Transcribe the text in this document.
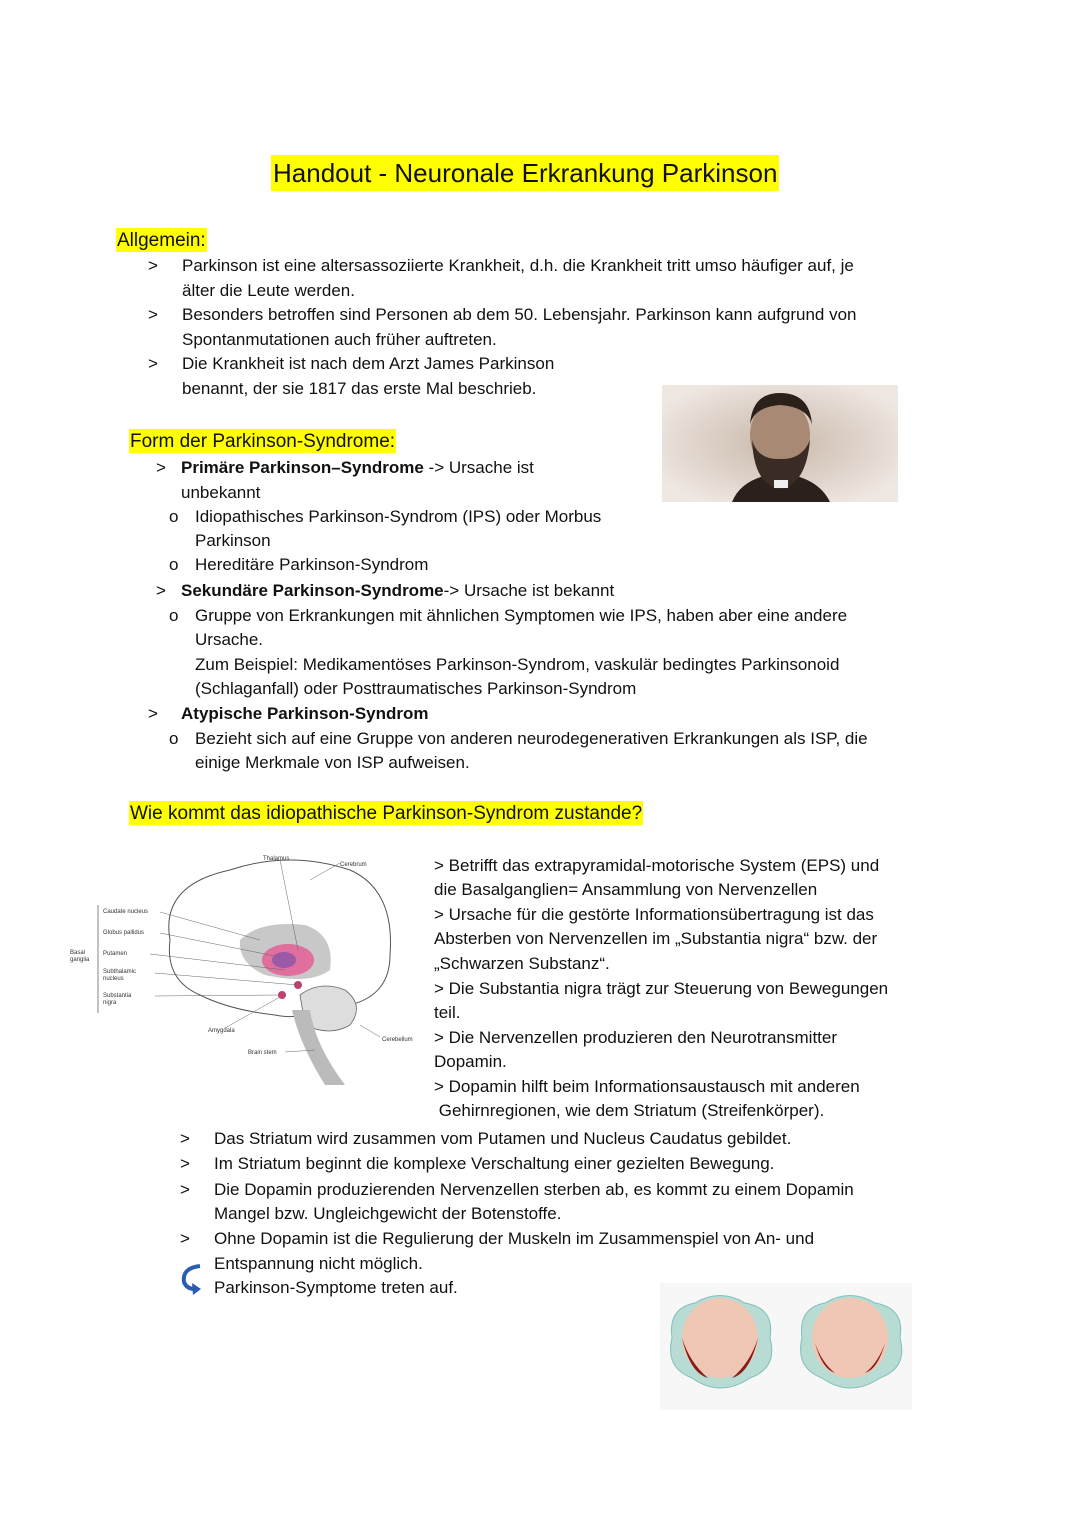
Handout - Neuronale Erkrankung Parkinson
Allgemein:
> Parkinson ist eine altersassoziierte Krankheit, d.h. die Krankheit tritt umso häufiger auf, je
älter die Leute werden.
> Besonders betroffen sind Personen ab dem 50. Lebensjahr. Parkinson kann aufgrund von
Spontanmutationen auch früher auftreten.
> Die Krankheit ist nach dem Arzt James Parkinson
benannt, der sie 1817 das erste Mal beschrieb.
Form der Parkinson-Syndrome:
> Primäre Parkinson–Syndrome -> Ursache ist
unbekannt
o Idiopathisches Parkinson-Syndrom (IPS) oder Morbus
Parkinson
o Hereditäre Parkinson-Syndrom
> Sekundäre Parkinson-Syndrome-> Ursache ist bekannt
o Gruppe von Erkrankungen mit ähnlichen Symptomen wie IPS, haben aber eine andere
Ursache.
Zum Beispiel: Medikamentöses Parkinson-Syndrom, vaskulär bedingtes Parkinsonoid
(Schlaganfall) oder Posttraumatisches Parkinson-Syndrom
> Atypische Parkinson-Syndrom
o Bezieht sich auf eine Gruppe von anderen neurodegenerativen Erkrankungen als ISP, die
einige Merkmale von ISP aufweisen.
Wie kommt das idiopathische Parkinson-Syndrom zustande?
Thalamus
Cerebrum
Caudate nucleus
Globus pallidus
Basal
ganglia
Putamen
Subthalamic
nucleus
Substantia
nigra
Amygdala
Cerebellum
Brain stem
> Betrifft das extrapyramidal-motorische System (EPS) und
die Basalganglien= Ansammlung von Nervenzellen
> Ursache für die gestörte Informationsübertragung ist das
Absterben von Nervenzellen im „Substantia nigra“ bzw. der
„Schwarzen Substanz“.
> Die Substantia nigra trägt zur Steuerung von Bewegungen
teil.
> Die Nervenzellen produzieren den Neurotransmitter
Dopamin.
> Dopamin hilft beim Informationsaustausch mit anderen
Gehirnregionen, wie dem Striatum (Streifenkörper).
> Das Striatum wird zusammen vom Putamen und Nucleus Caudatus gebildet.
> Im Striatum beginnt die komplexe Verschaltung einer gezielten Bewegung.
> Die Dopamin produzierenden Nervenzellen sterben ab, es kommt zu einem Dopamin
Mangel bzw. Ungleichgewicht der Botenstoffe.
> Ohne Dopamin ist die Regulierung der Muskeln im Zusammenspiel von An- und
Entspannung nicht möglich.
Parkinson-Symptome treten auf.
